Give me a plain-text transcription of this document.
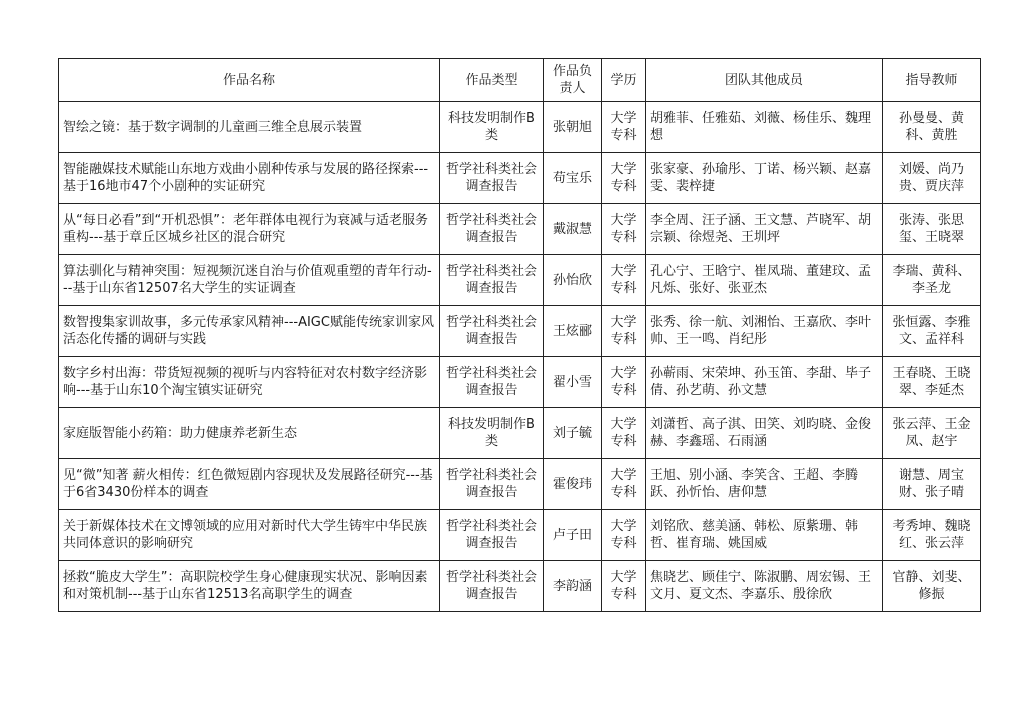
作品名称	作品类型	作品负责人	学历	团队其他成员	指导教师
智绘之镜：基于数字调制的儿童画三维全息展示装置	科技发明制作B类	张朝旭	大学专科	胡雅菲、任雅茹、刘薇、杨佳乐、魏理想	孙曼曼、黄科、黄胜
智能融媒技术赋能山东地方戏曲小剧种传承与发展的路径探索---基于16地市47个小剧种的实证研究	哲学社科类社会调查报告	苟宝乐	大学专科	张家豪、孙瑜彤、丁诺、杨兴颖、赵嘉雯、裴梓捷	刘媛、尚乃贵、贾庆萍
从“每日必看”到“开机恐惧”：老年群体电视行为衰减与适老服务重构---基于章丘区城乡社区的混合研究	哲学社科类社会调查报告	戴淑慧	大学专科	李全周、汪子涵、王文慧、芦晓军、胡宗颖、徐煜尧、王圳坪	张涛、张思玺、王晓翠
算法驯化与精神突围：短视频沉迷自治与价值观重塑的青年行动---基于山东省12507名大学生的实证调查	哲学社科类社会调查报告	孙怡欣	大学专科	孔心宁、王晗宁、崔凤瑞、董建玟、孟凡烁、张好、张亚杰	李瑞、黄科、李圣龙
数智搜集家训故事，多元传承家风精神---AIGC赋能传统家训家风活态化传播的调研与实践	哲学社科类社会调查报告	王炫郦	大学专科	张秀、徐一航、刘湘怡、王嘉欣、李叶帅、王一鸣、肖纪彤	张恒露、李雅文、孟祥科
数字乡村出海：带货短视频的视听与内容特征对农村数字经济影响---基于山东10个淘宝镇实证研究	哲学社科类社会调查报告	翟小雪	大学专科	孙蕲雨、宋荣坤、孙玉笛、李甜、毕子倩、孙艺萌、孙文慧	王春晓、王晓翠、李延杰
家庭版智能小药箱：助力健康养老新生态	科技发明制作B类	刘子毓	大学专科	刘潇哲、高子淇、田笑、刘昀晓、金俊赫、李鑫瑶、石雨涵	张云萍、王金凤、赵宇
见“微”知著 薪火相传：红色微短剧内容现状及发展路径研究---基于6省3430份样本的调查	哲学社科类社会调查报告	霍俊玮	大学专科	王旭、别小涵、李笑含、王超、李腾跃、孙忻怡、唐仰慧	谢慧、周宝财、张子晴
关于新媒体技术在文博领域的应用对新时代大学生铸牢中华民族共同体意识的影响研究	哲学社科类社会调查报告	卢子田	大学专科	刘铭欣、慈美涵、韩松、原紫珊、韩哲、崔育瑞、姚国威	考秀坤、魏晓红、张云萍
拯救“脆皮大学生”：高职院校学生身心健康现实状况、影响因素和对策机制---基于山东省12513名高职学生的调查	哲学社科类社会调查报告	李韵涵	大学专科	焦晓艺、顾佳宁、陈淑鹏、周宏锡、王文月、夏文杰、李嘉乐、殷徐欣	官静、刘斐、修振
